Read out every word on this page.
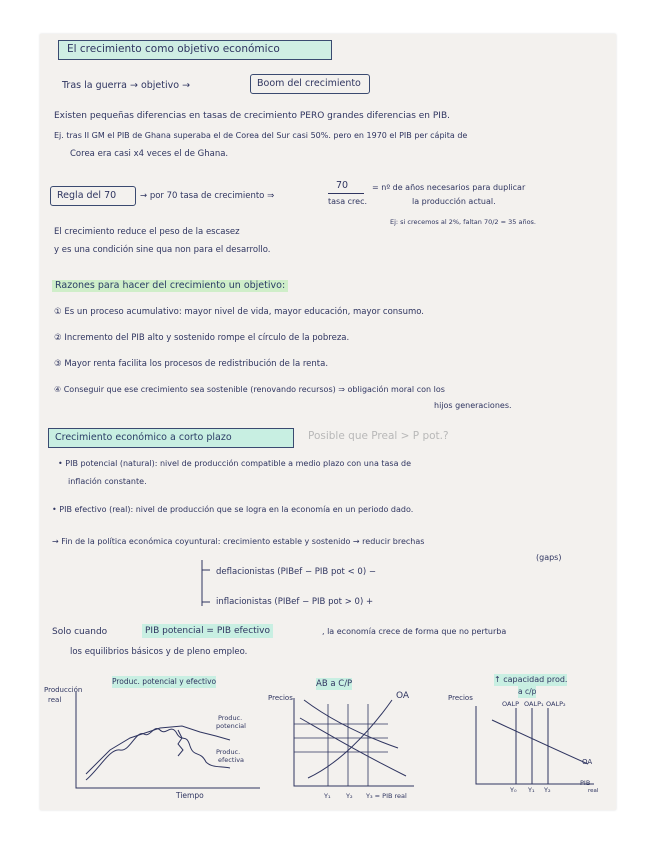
El crecimiento como objetivo económico
Tras la guerra → objetivo →	Boom del crecimiento
Existen pequeñas diferencias en tasas de crecimiento PERO grandes diferencias en PIB.
Ej. tras II GM el PIB de Ghana superaba el de Corea del Sur casi 50%. pero en 1970 el PIB per cápita de
Corea era casi x4 veces el de Ghana.
Regla del 70	→ por 70 tasa de crecimiento ⇒
70
tasa crec.
= nº de años necesarios para duplicar
la producción actual.
El crecimiento reduce el peso de la escasez
Ej: si crecemos al 2%, faltan 70/2 = 35 años.
y es una condición sine qua non para el desarrollo.
Razones para hacer del crecimiento un objetivo:
① Es un proceso acumulativo: mayor nivel de vida, mayor educación, mayor consumo.
② Incremento del PIB alto y sostenido rompe el círculo de la pobreza.
③ Mayor renta facilita los procesos de redistribución de la renta.
④ Conseguir que ese crecimiento sea sostenible (renovando recursos) ⇒ obligación moral con los
hijos generaciones.
Crecimiento económico a corto plazo	Posible que Preal > P pot.?
• PIB potencial (natural): nivel de producción compatible a medio plazo con una tasa de
inflación constante.
• PIB efectivo (real): nivel de producción que se logra en la economía en un periodo dado.
→ Fin de la política económica coyuntural: crecimiento estable y sostenido → reducir brechas
(gaps)
deflacionistas (PIBef − PIB pot < 0) −
inflacionistas (PIBef − PIB pot > 0) +
Solo cuando	PIB potencial = PIB efectivo	, la economía crece de forma que no perturba
los equilibrios básicos y de pleno empleo.
Producción
real
Produc. potencial y efectivo
Produc.
potencial
Produc.
efectiva
Tiempo
Precios
AB a C/P
OA
Y₁ Y₂ Y₃ = PIB real
Precios
↑ capacidad prod.
a c/p
OALP OALP₁ OALP₂
OA
Y₀ Y₁ Y₂
PIB
real
